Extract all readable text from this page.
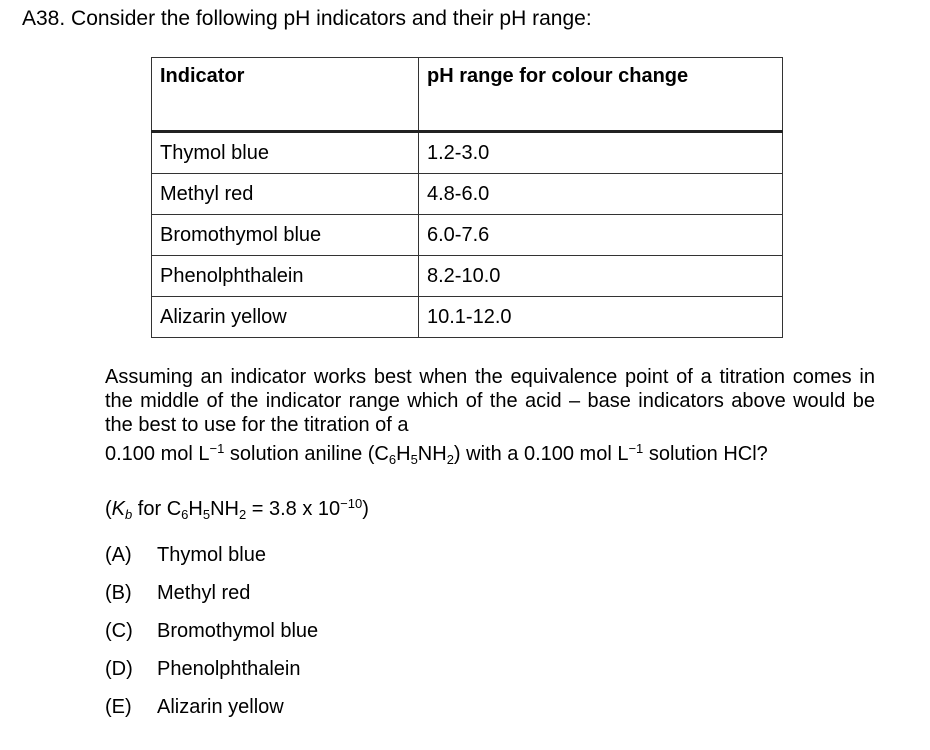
A38. Consider the following pH indicators and their pH range:
Indicator	pH range for colour change
Thymol blue	1.2-3.0
Methyl red	4.8-6.0
Bromothymol blue	6.0-7.6
Phenolphthalein	8.2-10.0
Alizarin yellow	10.1-12.0
Assuming an indicator works best when the equivalence point of a titration comes in the middle of the indicator range which of the acid – base indicators above would be the best to use for the titration of a
0.100 mol $L^{-1}$ solution aniline $(C_6H_5NH_2)$ with a 0.100 mol $L^{-1}$ solution HCl?
($K_b$ for $C_6H_5NH_2 = 3.8$ x $10^{-10}$)
(A) Thymol blue
(B) Methyl red
(C) Bromothymol blue
(D) Phenolphthalein
(E) Alizarin yellow
